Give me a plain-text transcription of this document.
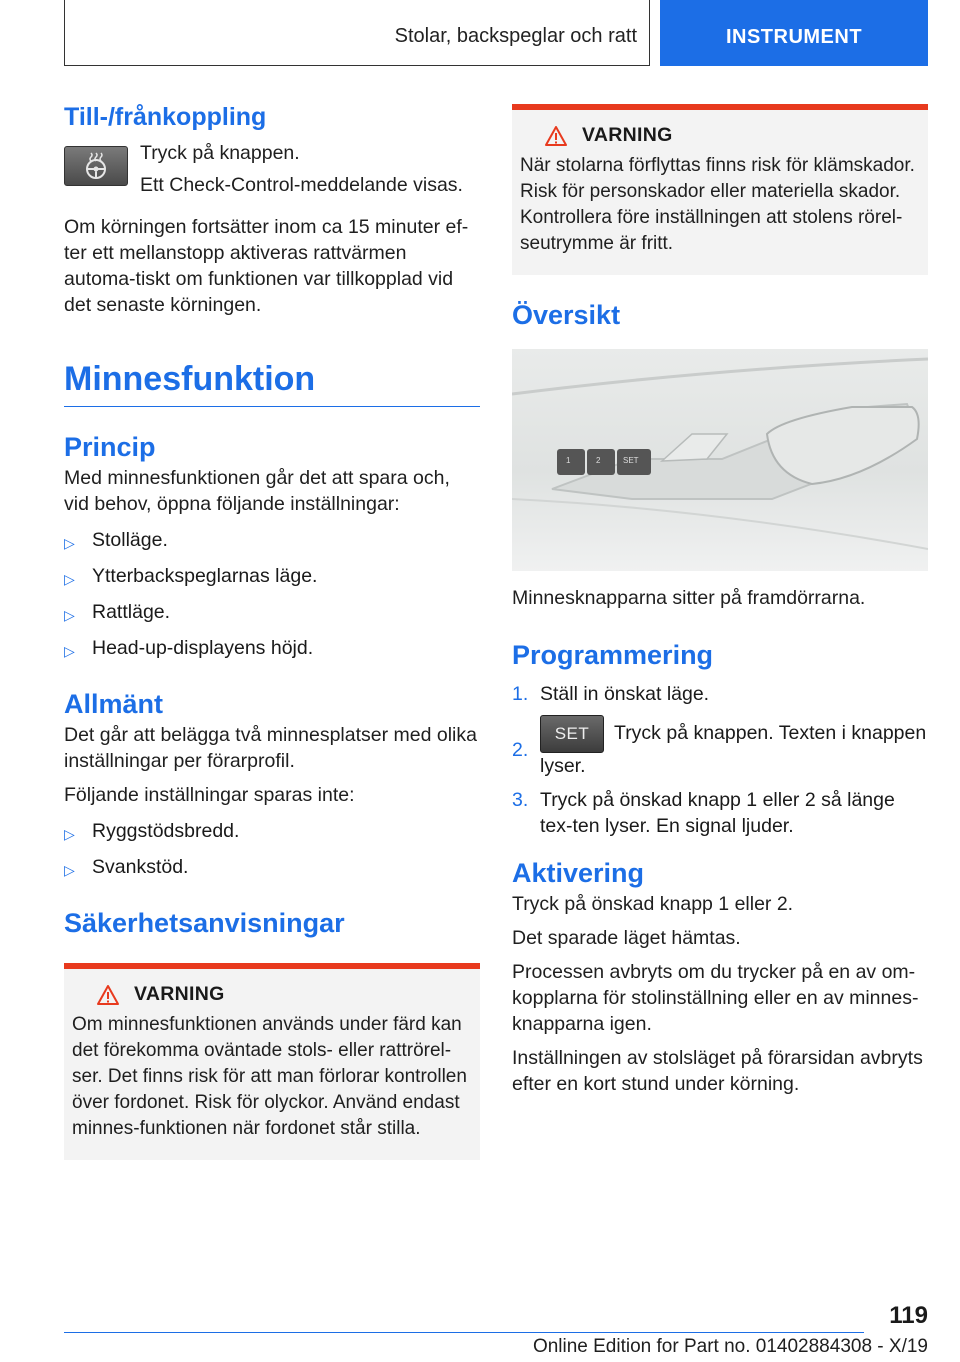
Stolar, backspeglar och ratt	INSTRUMENT
Till-/frånkoppling

Tryck på knappen.

Ett Check-Control-meddelande visas.

Om körningen fortsätter inom ca 15 minuter ef-ter ett mellanstopp aktiveras rattvärmen automa-tiskt om funktionen var tillkopplad vid det senaste körningen.

Minnesfunktion
Princip

Med minnesfunktionen går det att spara och, vid behov, öppna följande inställningar:

▷ Stolläge.
▷ Ytterbackspeglarnas läge.
▷ Rattläge.
▷ Head-up-displayens höjd.
Allmänt

Det går att belägga två minnesplatser med olika inställningar per förarprofil.

Följande inställningar sparas inte:

▷ Ryggstödsbredd.
▷ Svankstöd.
Säkerhetsanvisningar
VARNING

Om minnesfunktionen används under färd kan det förekomma oväntade stols- eller rattrörel-ser. Det finns risk för att man förlorar kontrollen över fordonet. Risk för olyckor. Använd endast minnes-funktionen när fordonet står stilla.

VARNING

När stolarna förflyttas finns risk för klämskador. Risk för personskador eller materiella skador. Kontrollera före inställningen att stolens rörel-seutrymme är fritt.

Översikt
1	2	SET

Minnesknapparna sitter på framdörrarna.

Programmering
1. Ställ in önskat läge.
2.
SET Tryck på knappen. Texten i knappen lyser.
3. Tryck på önskad knapp 1 eller 2 så länge tex-ten lyser. En signal ljuder.
Aktivering

Tryck på önskad knapp 1 eller 2.

Det sparade läget hämtas.

Processen avbryts om du trycker på en av om-kopplarna för stolinställning eller en av minnes-knapparna igen.

Inställningen av stolsläget på förarsidan avbryts efter en kort stund under körning.

119
Online Edition for Part no. 01402884308 - X/19
